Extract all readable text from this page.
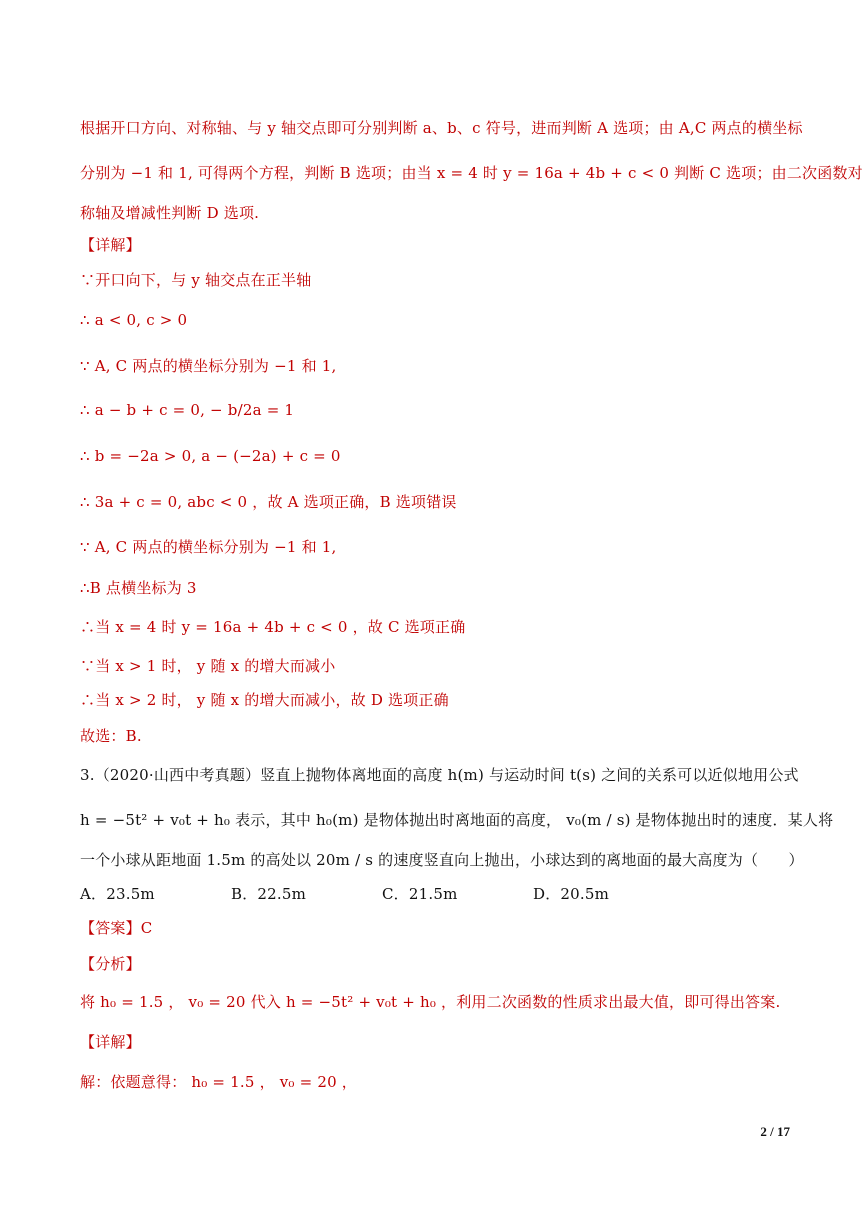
根据开口方向、对称轴、与 y 轴交点即可分别判断 a、b、c 符号，进而判断 A 选项；由 A,C 两点的横坐标
分别为 −1 和 1, 可得两个方程，判断 B 选项；由当 x = 4 时 y = 16a + 4b + c < 0 判断 C 选项；由二次函数对
称轴及增减性判断 D 选项.
【详解】
∵开口向下，与 y 轴交点在正半轴
∴ a < 0, c > 0
∵ A, C 两点的横坐标分别为 −1 和 1,
∴ a − b + c = 0, − b/2a = 1
∴ b = −2a > 0, a − (−2a) + c = 0
∴ 3a + c = 0, abc < 0 ，故 A 选项正确，B 选项错误
∵ A, C 两点的横坐标分别为 −1 和 1,
∴B 点横坐标为 3
∴当 x = 4 时 y = 16a + 4b + c < 0 ，故 C 选项正确
∵当 x > 1 时， y 随 x 的增大而减小
∴当 x > 2 时， y 随 x 的增大而减小，故 D 选项正确
故选：B.
3.（2020·山西中考真题）竖直上抛物体离地面的高度 h(m) 与运动时间 t(s) 之间的关系可以近似地用公式
h = −5t² + v₀t + h₀ 表示，其中 h₀(m) 是物体抛出时离地面的高度， v₀(m / s) 是物体抛出时的速度．某人将
一个小球从距地面 1.5m 的高处以 20m / s 的速度竖直向上抛出，小球达到的离地面的最大高度为（　　）
A．23.5m	B．22.5m	C．21.5m	D．20.5m
【答案】C
【分析】
将 h₀ = 1.5 ， v₀ = 20 代入 h = −5t² + v₀t + h₀ ，利用二次函数的性质求出最大值，即可得出答案.
【详解】
解：依题意得： h₀ = 1.5 ， v₀ = 20 ，
2 / 17
